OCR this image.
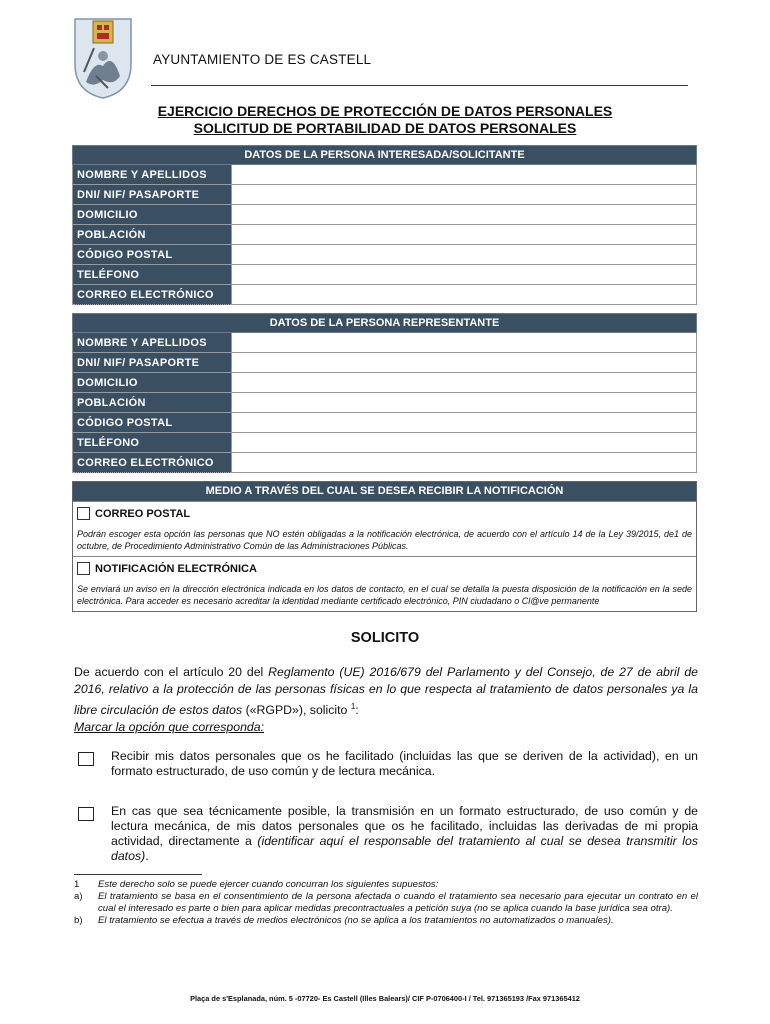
AYUNTAMIENTO DE ES CASTELL
EJERCICIO DERECHOS DE PROTECCIÓN DE DATOS PERSONALES
SOLICITUD DE PORTABILIDAD DE DATOS PERSONALES
DATOS DE LA PERSONA INTERESADA/SOLICITANTE	
NOMBRE Y APELLIDOS	
DNI/ NIF/ PASAPORTE	
DOMICILIO	
POBLACIÓN	
CÓDIGO POSTAL	
TELÉFONO	
CORREO ELECTRÓNICO	
DATOS DE LA PERSONA REPRESENTANTE	
NOMBRE Y APELLIDOS	
DNI/ NIF/ PASAPORTE	
DOMICILIO	
POBLACIÓN	
CÓDIGO POSTAL	
TELÉFONO	
CORREO ELECTRÓNICO	
MEDIO A TRAVÉS DEL CUAL SE DESEA RECIBIR LA NOTIFICACIÓN
CORREO POSTAL
Podrán escoger esta opción las personas que NO estén obligadas a la notificación electrónica, de acuerdo con el artículo 14 de la Ley 39/2015, de1 de octubre, de Procedimiento Administrativo Común de las Administraciones Públicas.
NOTIFICACIÓN ELECTRÓNICA
Se enviará un aviso en la dirección electrónica indicada en los datos de contacto, en el cual se detalla la puesta disposición de la notificación en la sede electrónica. Para acceder es necesario acreditar la identidad mediante certificado electrónico, PIN ciudadano o Cl@ve permanente
SOLICITO
De acuerdo con el artículo 20 del Reglamento (UE) 2016/679 del Parlamento y del Consejo, de 27 de abril de 2016, relativo a la protección de las personas físicas en lo que respecta al tratamiento de datos personales ya la libre circulación de estos datos («RGPD»), solicito $^1$:
Marcar la opción que corresponda:
Recibir mis datos personales que os he facilitado (incluidas las que se deriven de la actividad), en un formato estructurado, de uso común y de lectura mecánica.
En cas que sea técnicamente posible, la transmisión en un formato estructurado, de uso común y de lectura mecánica, de mis datos personales que os he facilitado, incluidas las derivadas de mi propia actividad, directamente a (identificar aquí el responsable del tratamiento al cual se desea transmitir los datos).
1	Este derecho solo se puede ejercer cuando concurran los siguientes supuestos:
a)	El tratamiento se basa en el consentimiento de la persona afectada o cuando el tratamiento sea necesario para ejecutar un contrato en el cual el interesado es parte o bien para aplicar medidas precontractuales a petición suya (no se aplica cuando la base jurídica sea otra).
b)	El tratamiento se efectua a través de medios electrónicos (no se aplica a los tratamientos no automatizados o manuales).
Plaça de s'Esplanada, núm. 5 -07720- Es Castell (Illes Balears)/ CIF P-0706400-I / Tel. 971365193 /Fax 971365412
